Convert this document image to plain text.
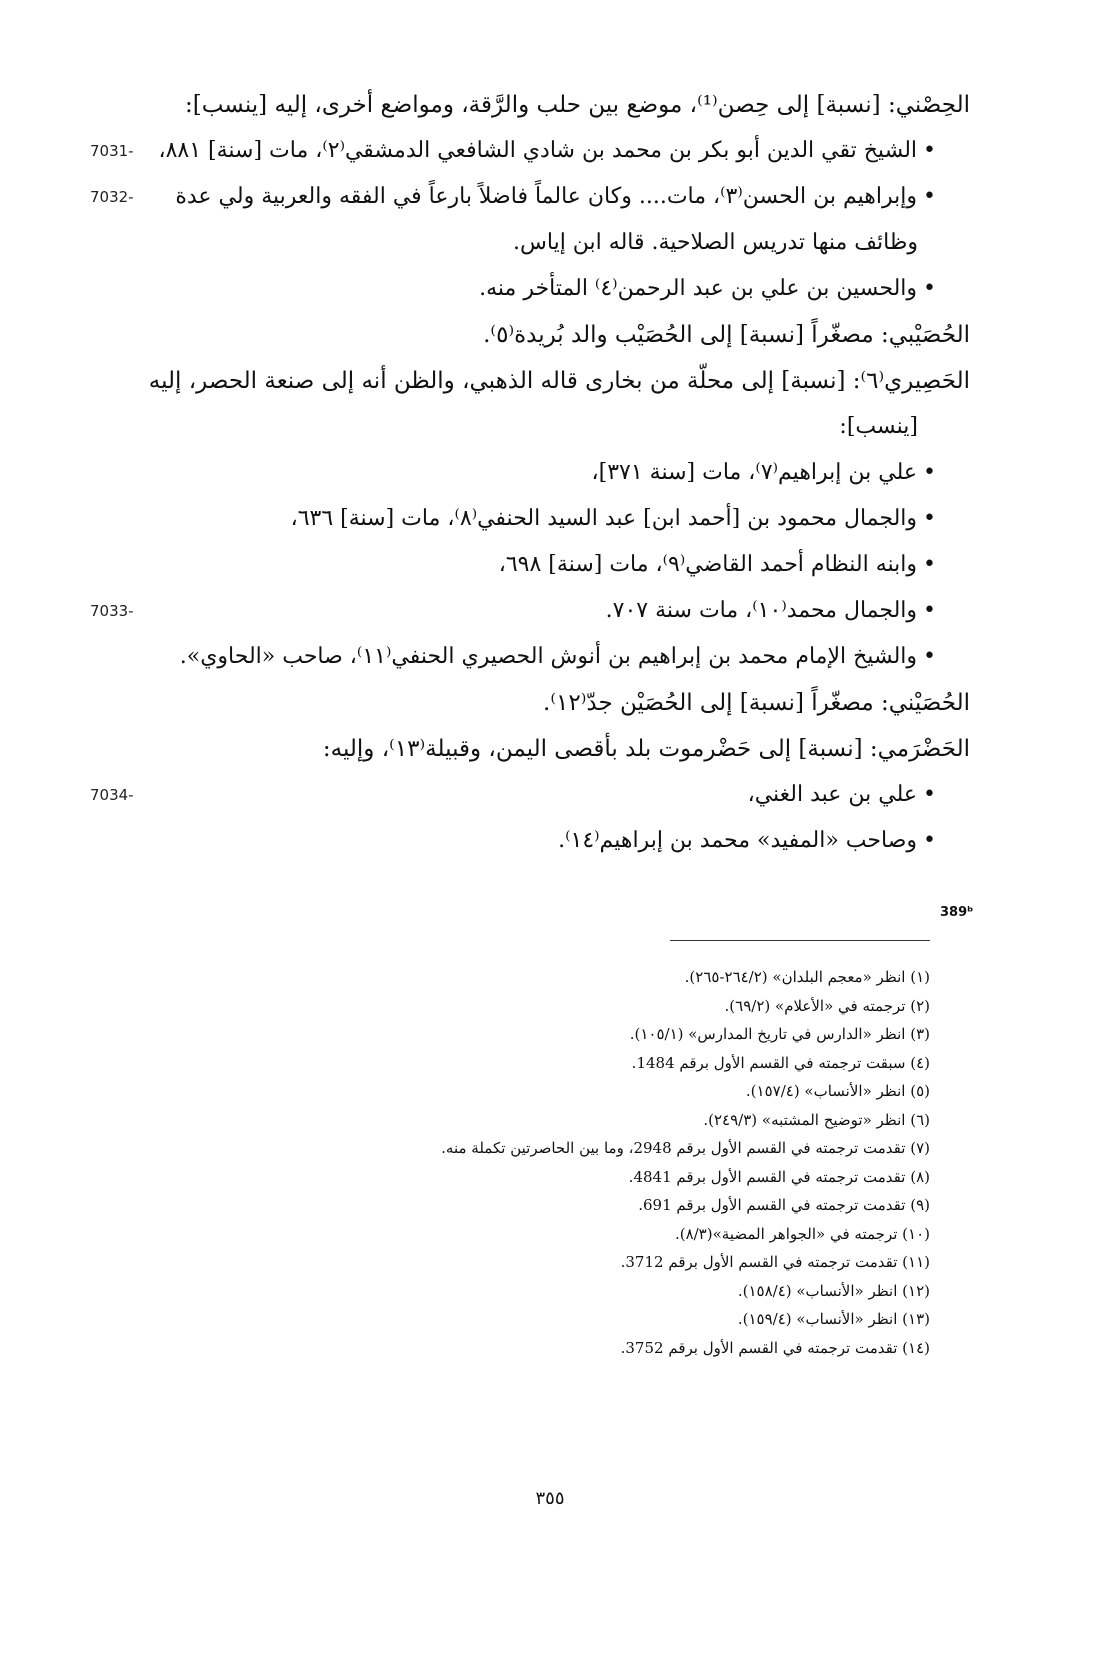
الحِصْني: [نسبة] إلى حِصن⁽¹⁾، موضع بين حلب والرَّقة، ومواضع أخرى، إليه [ينسب]:
•الشيخ تقي الدين أبو بكر بن محمد بن شادي الشافعي الدمشقي⁽٢⁾، مات [سنة] ٨٨١،
7031-
•وإبراهيم بن الحسن⁽٣⁾، مات.... وكان عالماً فاضلاً بارعاً في الفقه والعربية ولي عدة
7032-
وظائف منها تدريس الصلاحية. قاله ابن إياس.
•والحسين بن علي بن عبد الرحمن⁽٤⁾ المتأخر منه.
الحُصَيْبي: مصغّراً [نسبة] إلى الحُصَيْب والد بُريدة⁽٥⁾.
الحَصِيري⁽٦⁾: [نسبة] إلى محلّة من بخارى قاله الذهبي، والظن أنه إلى صنعة الحصر، إليه
[ينسب]:
•علي بن إبراهيم⁽٧⁾، مات [سنة ٣٧١]،
•والجمال محمود بن [أحمد ابن] عبد السيد الحنفي⁽٨⁾، مات [سنة] ٦٣٦،
•وابنه النظام أحمد القاضي⁽٩⁾، مات [سنة] ٦٩٨،
•والجمال محمد⁽١٠⁾، مات سنة ٧٠٧.
7033-
•والشيخ الإمام محمد بن إبراهيم بن أنوش الحصيري الحنفي⁽١١⁾، صاحب «الحاوي».
الحُصَيْني: مصغّراً [نسبة] إلى الحُصَيْن جدّ⁽١٢⁾.
الحَضْرَمي: [نسبة] إلى حَضْرموت بلد بأقصى اليمن، وقبيلة⁽١٣⁾، وإليه:
•علي بن عبد الغني،
7034-
•وصاحب «المفيد» محمد بن إبراهيم⁽١٤⁾.
389ᵇ
(١) انظر «معجم البلدان» (٢٦٤/٢-٢٦٥).
(٢) ترجمته في «الأعلام» (٦٩/٢).
(٣) انظر «الدارس في تاريخ المدارس» (١٠٥/١).
(٤) سبقت ترجمته في القسم الأول برقم 1484.
(٥) انظر «الأنساب» (١٥٧/٤).
(٦) انظر «توضيح المشتبه» (٢٤٩/٣).
(٧) تقدمت ترجمته في القسم الأول برقم 2948، وما بين الحاصرتين تكملة منه.
(٨) تقدمت ترجمته في القسم الأول برقم 4841.
(٩) تقدمت ترجمته في القسم الأول برقم 691.
(١٠) ترجمته في «الجواهر المضية»(٨/٣).
(١١) تقدمت ترجمته في القسم الأول برقم 3712.
(١٢) انظر «الأنساب» (١٥٨/٤).
(١٣) انظر «الأنساب» (١٥٩/٤).
(١٤) تقدمت ترجمته في القسم الأول برقم 3752.
٣٥٥
